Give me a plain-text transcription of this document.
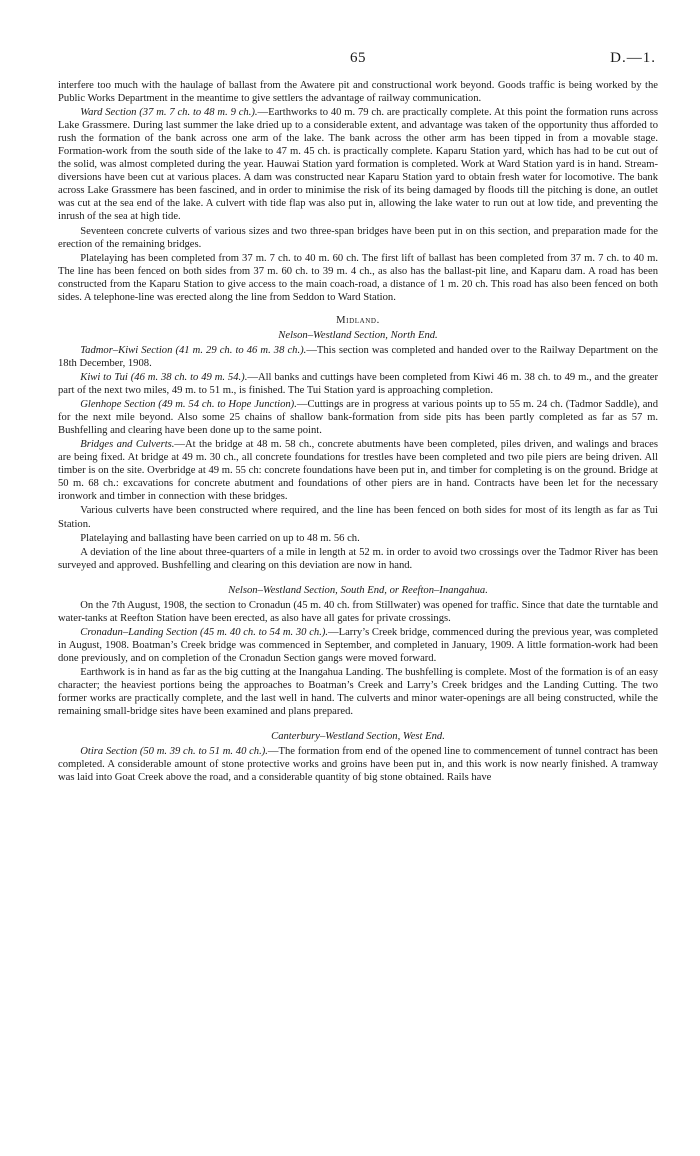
65	D.—1.

interfere too much with the haulage of ballast from the Awatere pit and constructional work beyond. Goods traffic is being worked by the Public Works Department in the meantime to give settlers the advantage of railway communication.

Ward Section (37 m. 7 ch. to 48 m. 9 ch.).—Earthworks to 40 m. 79 ch. are practically complete. At this point the formation runs across Lake Grassmere. During last summer the lake dried up to a considerable extent, and advantage was taken of the opportunity thus afforded to rush the formation of the bank across one arm of the lake. The bank across the other arm has been tipped in from a movable stage. Formation-work from the south side of the lake to 47 m. 45 ch. is practically complete. Kaparu Station yard, which has had to be cut out of the solid, was almost completed during the year. Hauwai Station yard formation is completed. Work at Ward Station yard is in hand. Stream-diversions have been cut at various places. A dam was constructed near Kaparu Station yard to obtain fresh water for locomotive. The bank across Lake Grassmere has been fascined, and in order to minimise the risk of its being damaged by floods till the pitching is done, an outlet was cut at the sea end of the lake. A culvert with tide flap was also put in, allowing the lake water to run out at low tide, and preventing the inrush of the sea at high tide.

Seventeen concrete culverts of various sizes and two three-span bridges have been put in on this section, and preparation made for the erection of the remaining bridges.

Platelaying has been completed from 37 m. 7 ch. to 40 m. 60 ch. The first lift of ballast has been completed from 37 m. 7 ch. to 40 m. The line has been fenced on both sides from 37 m. 60 ch. to 39 m. 4 ch., as also has the ballast-pit line, and Kaparu dam. A road has been constructed from the Kaparu Station to give access to the main coach-road, a distance of 1 m. 20 ch. This road has also been fenced on both sides. A telephone-line was erected along the line from Seddon to Ward Station.

Midland.
Nelson–Westland Section, North End.

Tadmor–Kiwi Section (41 m. 29 ch. to 46 m. 38 ch.).—This section was completed and handed over to the Railway Department on the 18th December, 1908.

Kiwi to Tui (46 m. 38 ch. to 49 m. 54.).—All banks and cuttings have been completed from Kiwi 46 m. 38 ch. to 49 m., and the greater part of the next two miles, 49 m. to 51 m., is finished. The Tui Station yard is approaching completion.

Glenhope Section (49 m. 54 ch. to Hope Junction).—Cuttings are in progress at various points up to 55 m. 24 ch. (Tadmor Saddle), and for the next mile beyond. Also some 25 chains of shallow bank-formation from side pits has been partly completed as far as 57 m. Bushfelling and clearing have been done up to the same point.

Bridges and Culverts.—At the bridge at 48 m. 58 ch., concrete abutments have been completed, piles driven, and walings and braces are being fixed. At bridge at 49 m. 30 ch., all concrete foundations for trestles have been completed and two pile piers are being driven. All timber is on the site. Overbridge at 49 m. 55 ch: concrete foundations have been put in, and timber for completing is on the ground. Bridge at 50 m. 68 ch.: excavations for concrete abutment and foundations of other piers are in hand. Contracts have been let for the necessary ironwork and timber in connection with these bridges.

Various culverts have been constructed where required, and the line has been fenced on both sides for most of its length as far as Tui Station.

Platelaying and ballasting have been carried on up to 48 m. 56 ch.

A deviation of the line about three-quarters of a mile in length at 52 m. in order to avoid two crossings over the Tadmor River has been surveyed and approved. Bushfelling and clearing on this deviation are now in hand.

Nelson–Westland Section, South End, or Reefton–Inangahua.

On the 7th August, 1908, the section to Cronadun (45 m. 40 ch. from Stillwater) was opened for traffic. Since that date the turntable and water-tanks at Reefton Station have been erected, as also have all gates for private crossings.

Cronadun–Landing Section (45 m. 40 ch. to 54 m. 30 ch.).—Larry’s Creek bridge, commenced during the previous year, was completed in August, 1908. Boatman’s Creek bridge was commenced in September, and completed in January, 1909. A little formation-work had been done previously, and on completion of the Cronadun Section gangs were moved forward.

Earthwork is in hand as far as the big cutting at the Inangahua Landing. The bushfelling is complete. Most of the formation is of an easy character; the heaviest portions being the approaches to Boatman’s Creek and Larry’s Creek bridges and the Landing Cutting. The two former works are practically complete, and the last well in hand. The culverts and minor water-openings are all being constructed, while the remaining small-bridge sites have been examined and plans prepared.

Canterbury–Westland Section, West End.

Otira Section (50 m. 39 ch. to 51 m. 40 ch.).—The formation from end of the opened line to commencement of tunnel contract has been completed. A considerable amount of stone protective works and groins have been put in, and this work is now nearly finished. A tramway was laid into Goat Creek above the road, and a considerable quantity of big stone obtained. Rails have
